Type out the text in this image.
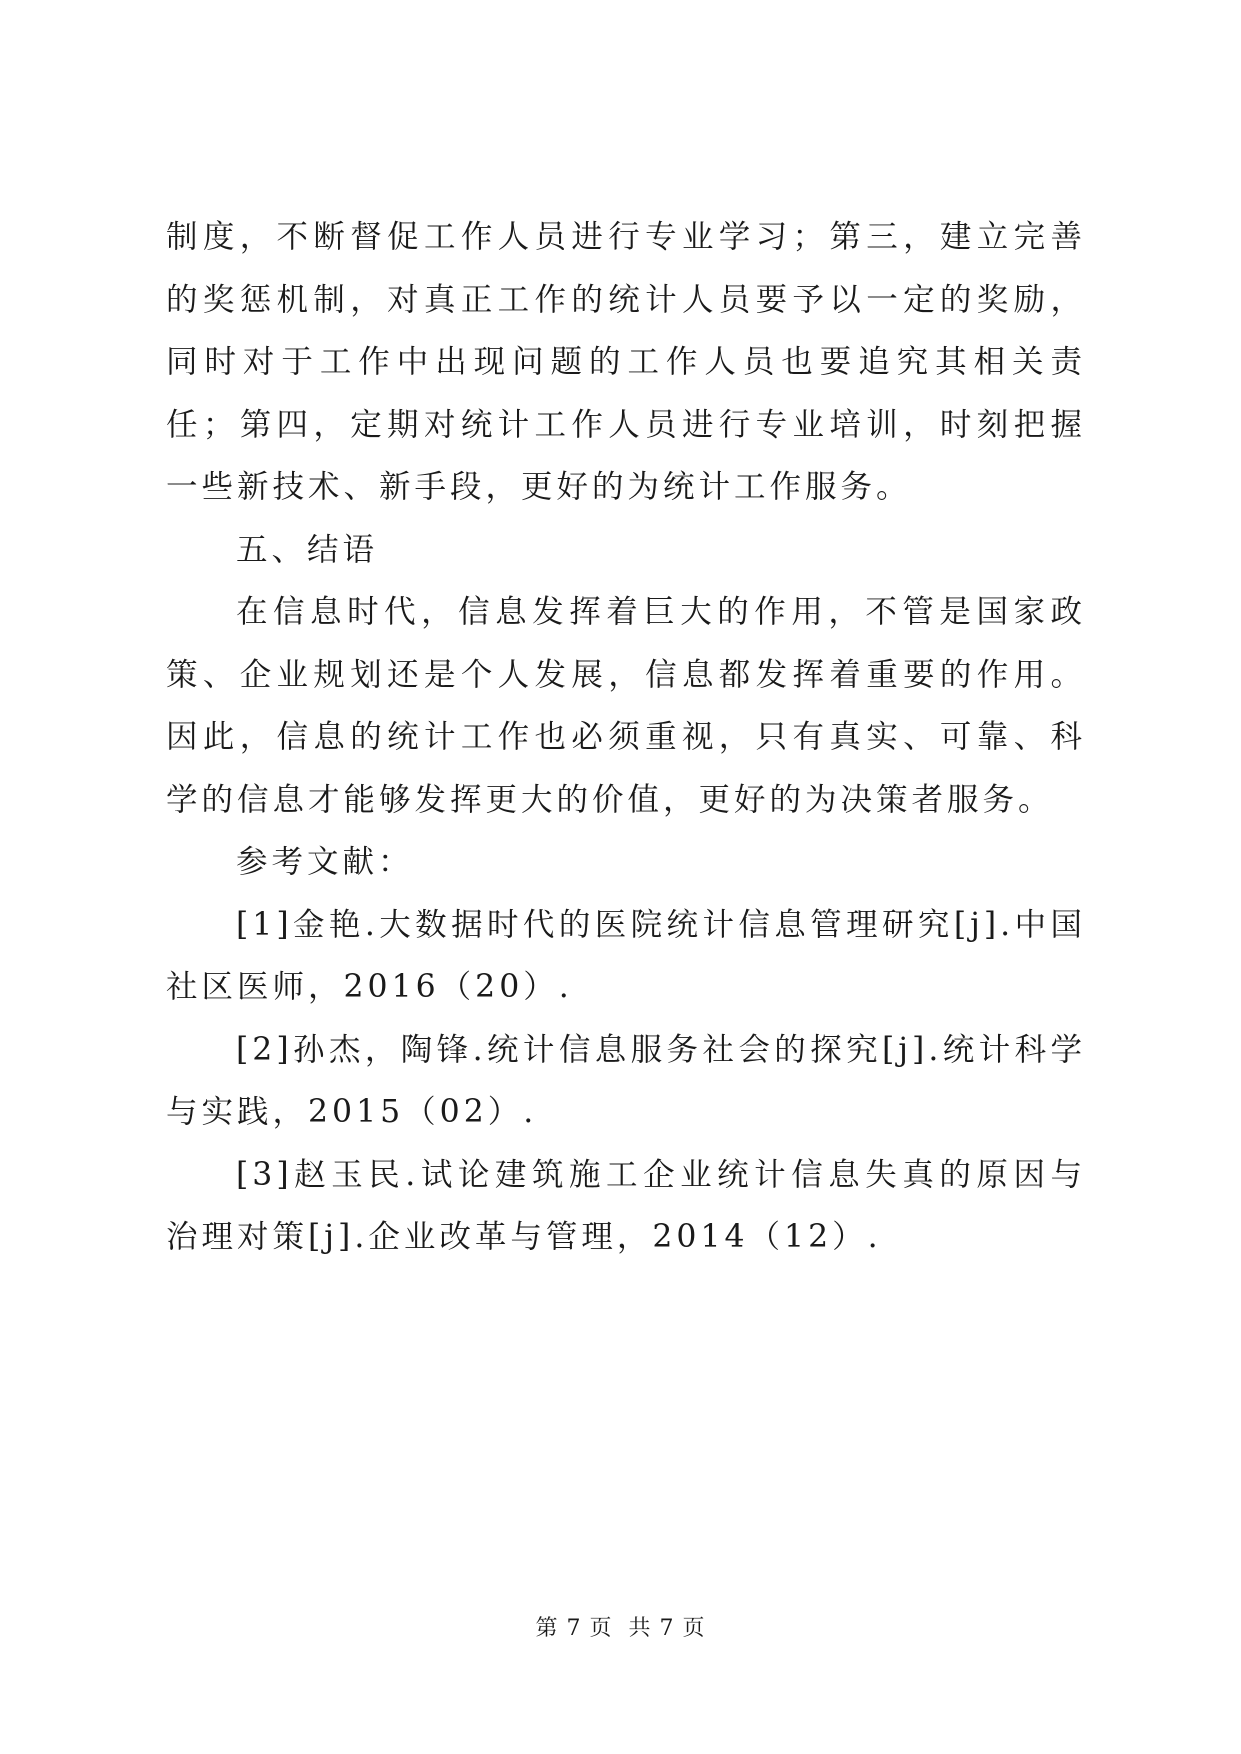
制度，不断督促工作人员进行专业学习；第三，建立完善的奖惩机制，对真正工作的统计人员要予以一定的奖励，同时对于工作中出现问题的工作人员也要追究其相关责任；第四，定期对统计工作人员进行专业培训，时刻把握一些新技术、新手段，更好的为统计工作服务。

五、结语

在信息时代，信息发挥着巨大的作用，不管是国家政策、企业规划还是个人发展，信息都发挥着重要的作用。因此，信息的统计工作也必须重视，只有真实、可靠、科学的信息才能够发挥更大的价值，更好的为决策者服务。

参考文献：

[1]金艳.大数据时代的医院统计信息管理研究[j].中国社区医师，2016（20）.

[2]孙杰，陶锋.统计信息服务社会的探究[j].统计科学与实践，2015（02）.

[3]赵玉民.试论建筑施工企业统计信息失真的原因与治理对策[j].企业改革与管理，2014（12）.

第 7 页  共 7 页
